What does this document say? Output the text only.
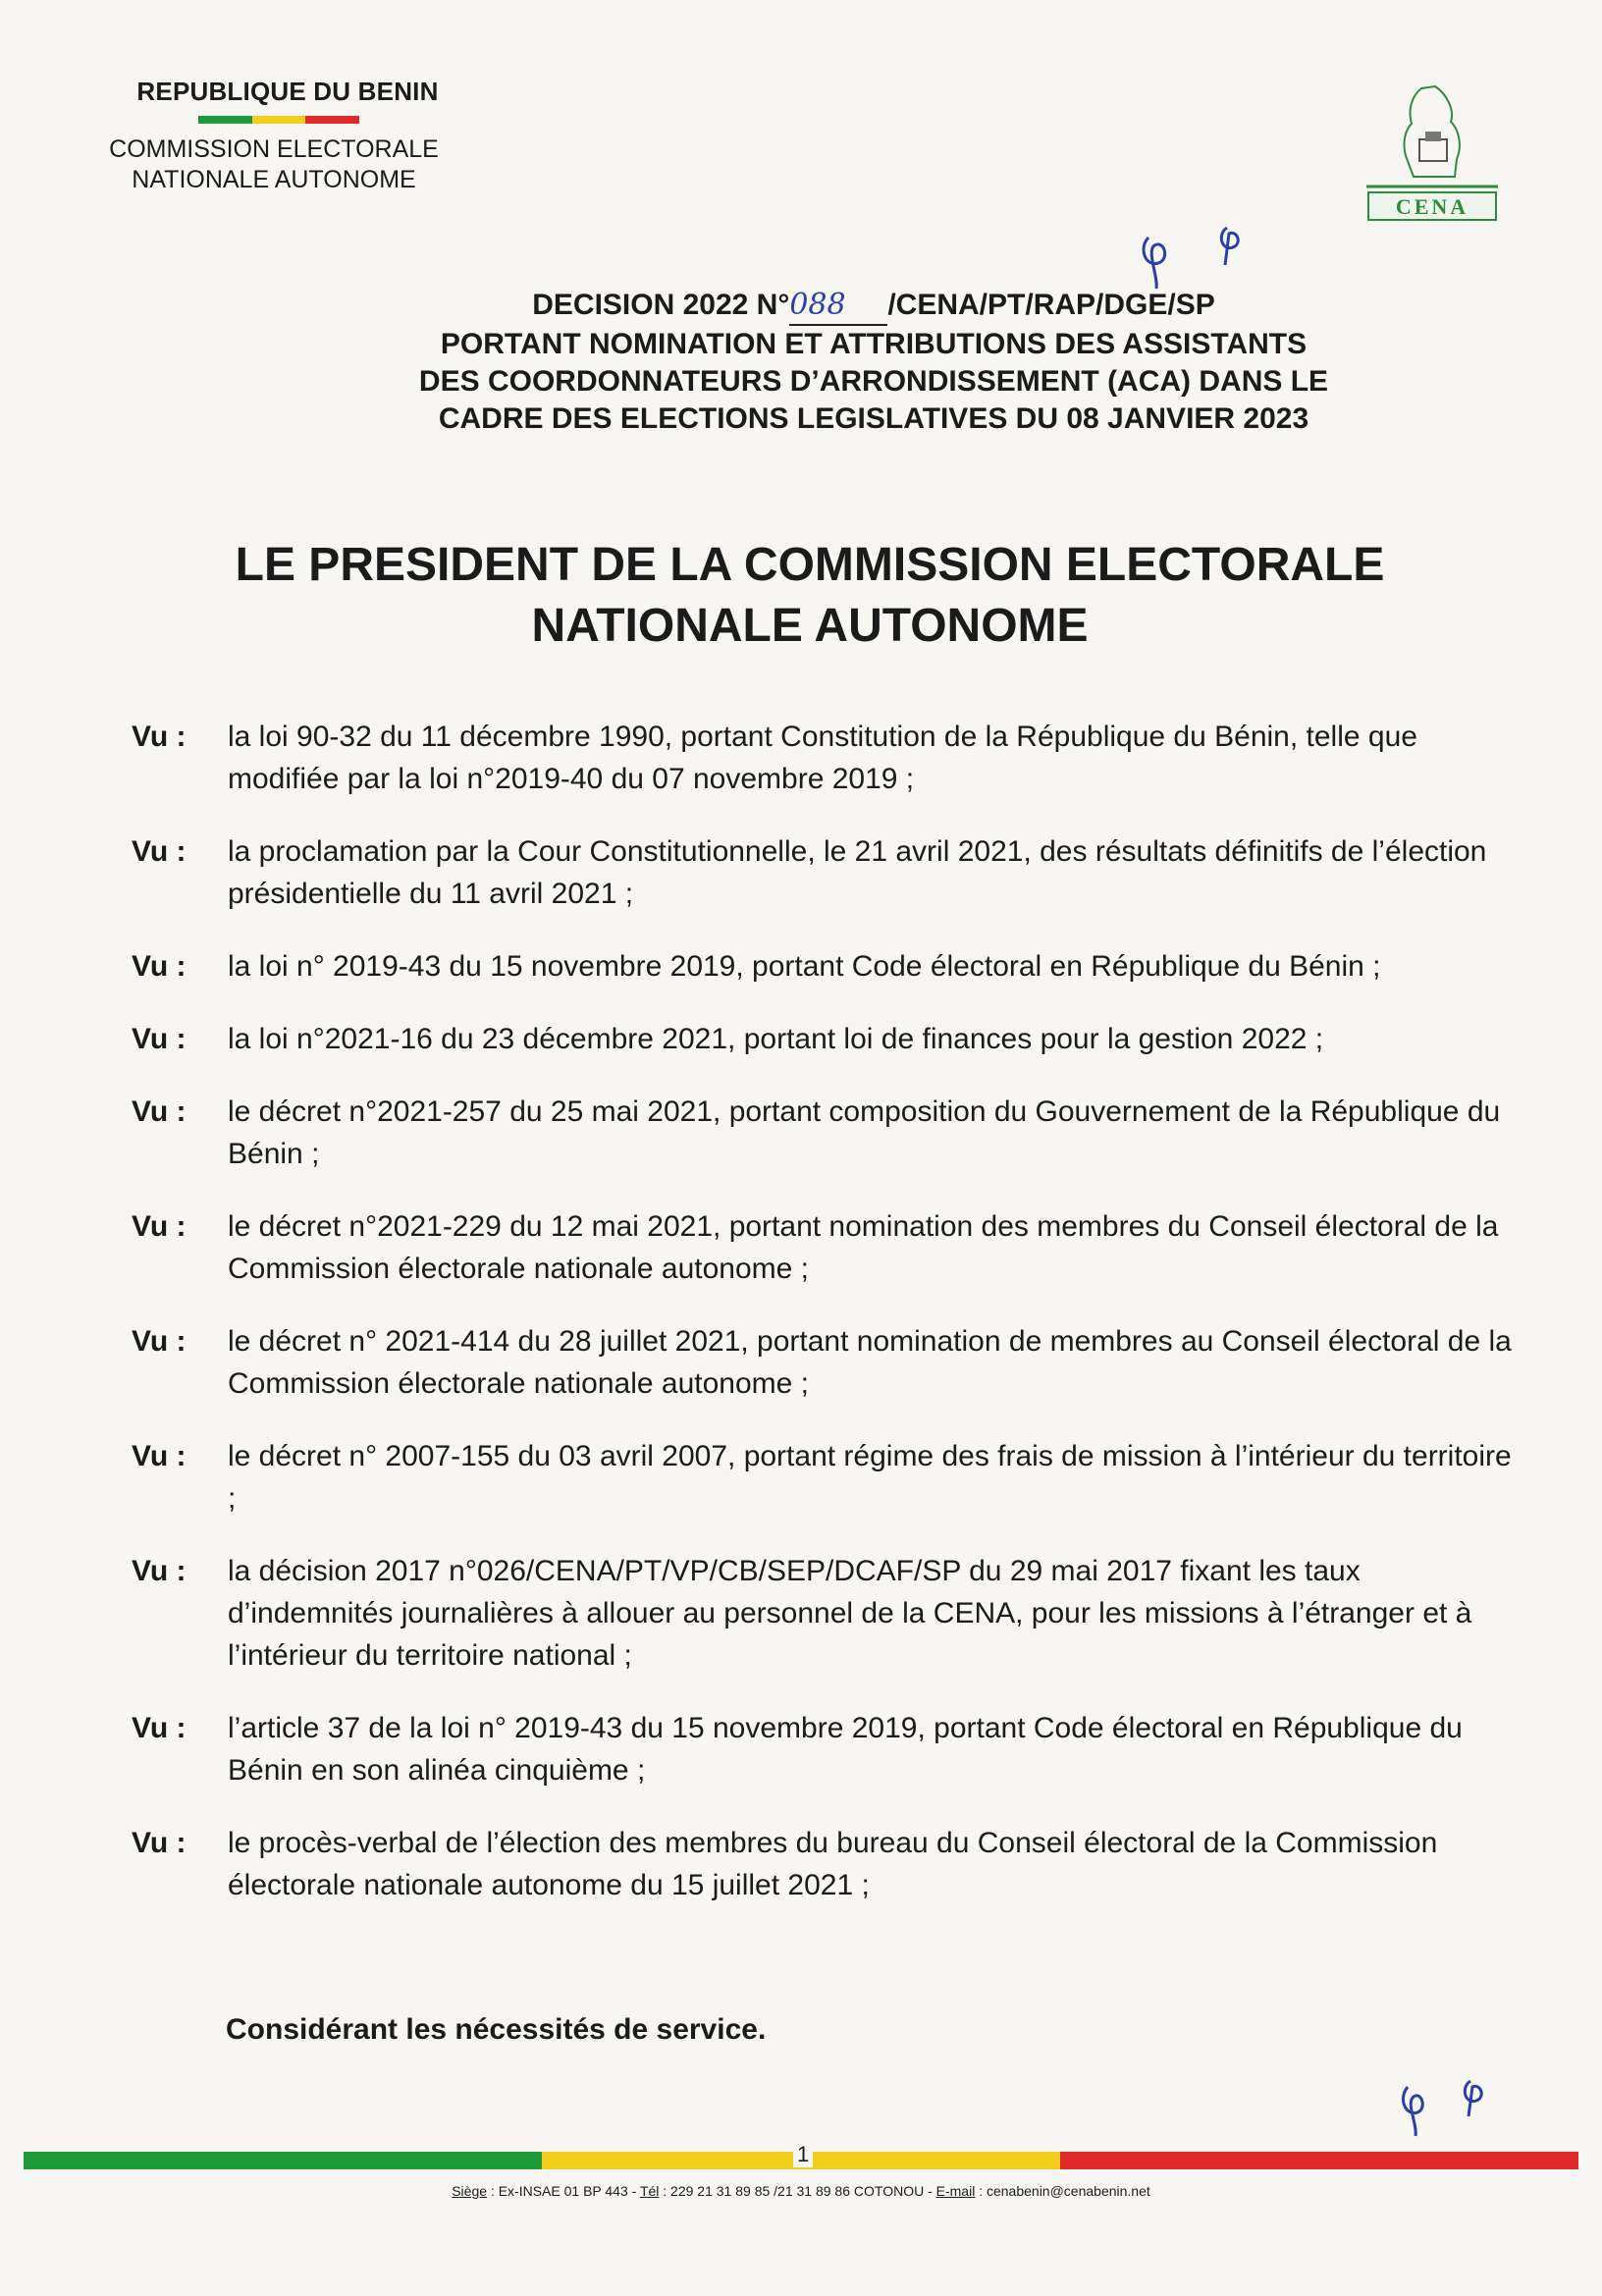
REPUBLIQUE DU BENIN
COMMISSION ELECTORALE
NATIONALE AUTONOME
CENA
DECISION 2022 N°088 /CENA/PT/RAP/DGE/SP
PORTANT NOMINATION ET ATTRIBUTIONS DES ASSISTANTS
DES COORDONNATEURS D’ARRONDISSEMENT (ACA) DANS LE
CADRE DES ELECTIONS LEGISLATIVES DU 08 JANVIER 2023
LE PRESIDENT DE LA COMMISSION ELECTORALE
NATIONALE AUTONOME
Vu :	la loi 90-32 du 11 décembre 1990, portant Constitution de la République du Bénin, telle que modifiée par la loi n°2019-40 du 07 novembre 2019 ;
Vu :	la proclamation par la Cour Constitutionnelle, le 21 avril 2021, des résultats définitifs de l’élection présidentielle du 11 avril 2021 ;
Vu :	la loi n° 2019-43 du 15 novembre 2019, portant Code électoral en République du Bénin ;
Vu :	la loi n°2021-16 du 23 décembre 2021, portant loi de finances pour la gestion 2022 ;
Vu :	le décret n°2021-257 du 25 mai 2021, portant composition du Gouvernement de la République du Bénin ;
Vu :	le décret n°2021-229 du 12 mai 2021, portant nomination des membres du Conseil électoral de la Commission électorale nationale autonome ;
Vu :	le décret n° 2021-414 du 28 juillet 2021, portant nomination de membres au Conseil électoral de la Commission électorale nationale autonome ;
Vu :	le décret n° 2007-155 du 03 avril 2007, portant régime des frais de mission à l’intérieur du territoire ;
Vu :	la décision 2017 n°026/CENA/PT/VP/CB/SEP/DCAF/SP du 29 mai 2017 fixant les taux d’indemnités journalières à allouer au personnel de la CENA, pour les missions à l’étranger et à l’intérieur du territoire national ;
Vu :	l’article 37 de la loi n° 2019-43 du 15 novembre 2019, portant Code électoral en République du Bénin en son alinéa cinquième ;
Vu :	le procès-verbal de l’élection des membres du bureau du Conseil électoral de la Commission électorale nationale autonome du 15 juillet 2021 ;
Considérant les nécessités de service.
1
Siège : Ex-INSAE 01 BP 443 - Tél : 229 21 31 89 85 /21 31 89 86 COTONOU - E-mail : cenabenin@cenabenin.net
